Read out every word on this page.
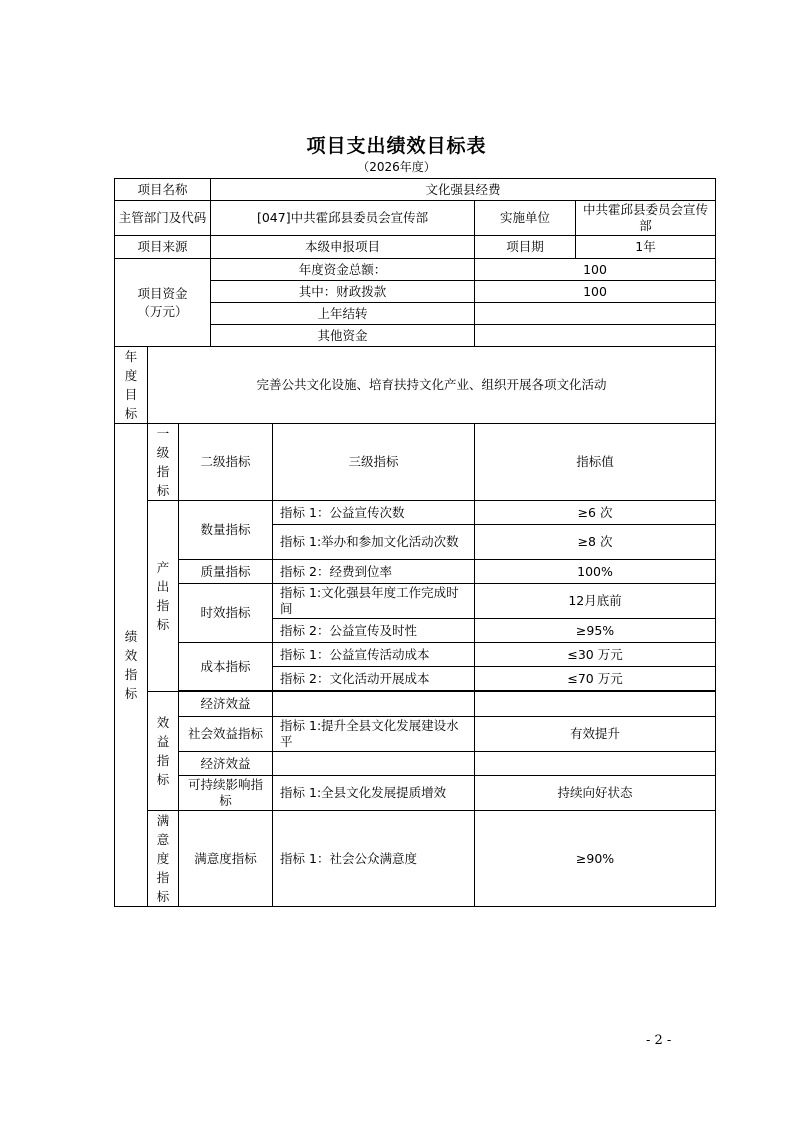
项目支出绩效目标表
（2026年度）
项目名称			文化强县经费			
主管部门及代码			[047]中共霍邱县委员会宣传部		实施单位	中共霍邱县委员会宣传部
项目来源			本级申报项目		项目期	1年
项目资金（万元）			年度资金总额：		100	
			其中：财政拨款		100	
			上年结转			
			其他资金			
年度目标	完善公共文化设施、培育扶持文化产业、组织开展各项文化活动					
绩效指标	一级指标	二级指标		三级指标	指标值	
	产出指标	数量指标		指标 1：公益宣传次数	≥6 次	
				指标 1:举办和参加文化活动次数	≥8 次	
		质量指标		指标 2：经费到位率	100%	
		时效指标		指标 1:文化强县年度工作完成时间	12月底前	
				指标 2：公益宣传及时性	≥95%	
		成本指标		指标 1：公益宣传活动成本	≤30 万元	
				指标 2：文化活动开展成本	≤70 万元	

	效益指标	经济效益				
		社会效益指标		指标 1:提升全县文化发展建设水平	有效提升	
		经济效益				
		可持续影响指标		指标 1:全县文化发展提质增效	持续向好状态	
	满意度指标	满意度指标		指标 1：社会公众满意度	≥90%	
- 2 -
